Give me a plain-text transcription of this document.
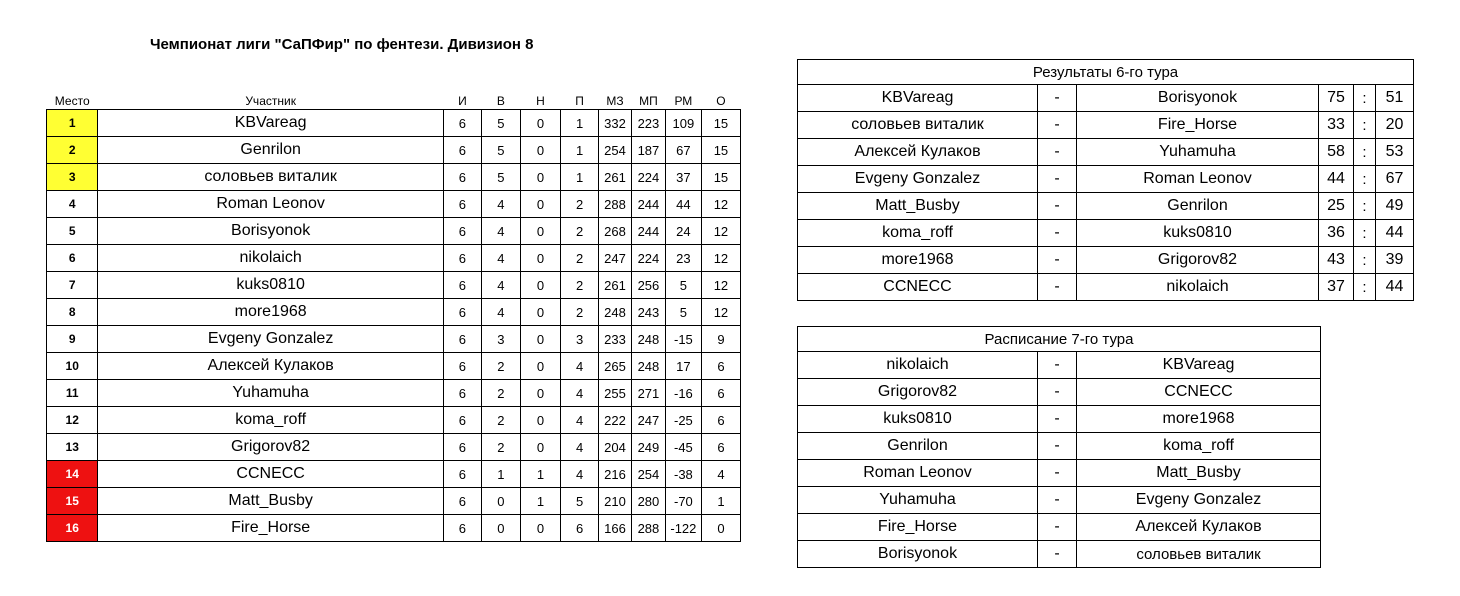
Чемпионат лиги "СаПФир" по фентези. Дивизион 8
Место	Участник	И	В	Н	П	МЗ	МП	РМ	О
1	KBVareag	6	5	0	1	332	223	109	15
2	Genrilon	6	5	0	1	254	187	67	15
3	соловьев виталик	6	5	0	1	261	224	37	15
4	Roman Leonov	6	4	0	2	288	244	44	12
5	Borisyonok	6	4	0	2	268	244	24	12
6	nikolaich	6	4	0	2	247	224	23	12
7	kuks0810	6	4	0	2	261	256	5	12
8	more1968	6	4	0	2	248	243	5	12
9	Evgeny Gonzalez	6	3	0	3	233	248	-15	9
10	Алексей Кулаков	6	2	0	4	265	248	17	6
11	Yuhamuha	6	2	0	4	255	271	-16	6
12	koma_roff	6	2	0	4	222	247	-25	6
13	Grigorov82	6	2	0	4	204	249	-45	6
14	CCNECC	6	1	1	4	216	254	-38	4
15	Matt_Busby	6	0	1	5	210	280	-70	1
16	Fire_Horse	6	0	0	6	166	288	-122	0
Результаты 6-го тура					
KBVareag	-	Borisyonok	75	:	51
соловьев виталик	-	Fire_Horse	33	:	20
Алексей Кулаков	-	Yuhamuha	58	:	53
Evgeny Gonzalez	-	Roman Leonov	44	:	67
Matt_Busby	-	Genrilon	25	:	49
koma_roff	-	kuks0810	36	:	44
more1968	-	Grigorov82	43	:	39
CCNECC	-	nikolaich	37	:	44
Расписание 7-го тура		
nikolaich	-	KBVareag
Grigorov82	-	CCNECC
kuks0810	-	more1968
Genrilon	-	koma_roff
Roman Leonov	-	Matt_Busby
Yuhamuha	-	Evgeny Gonzalez
Fire_Horse	-	Алексей Кулаков
Borisyonok	-	соловьев виталик
